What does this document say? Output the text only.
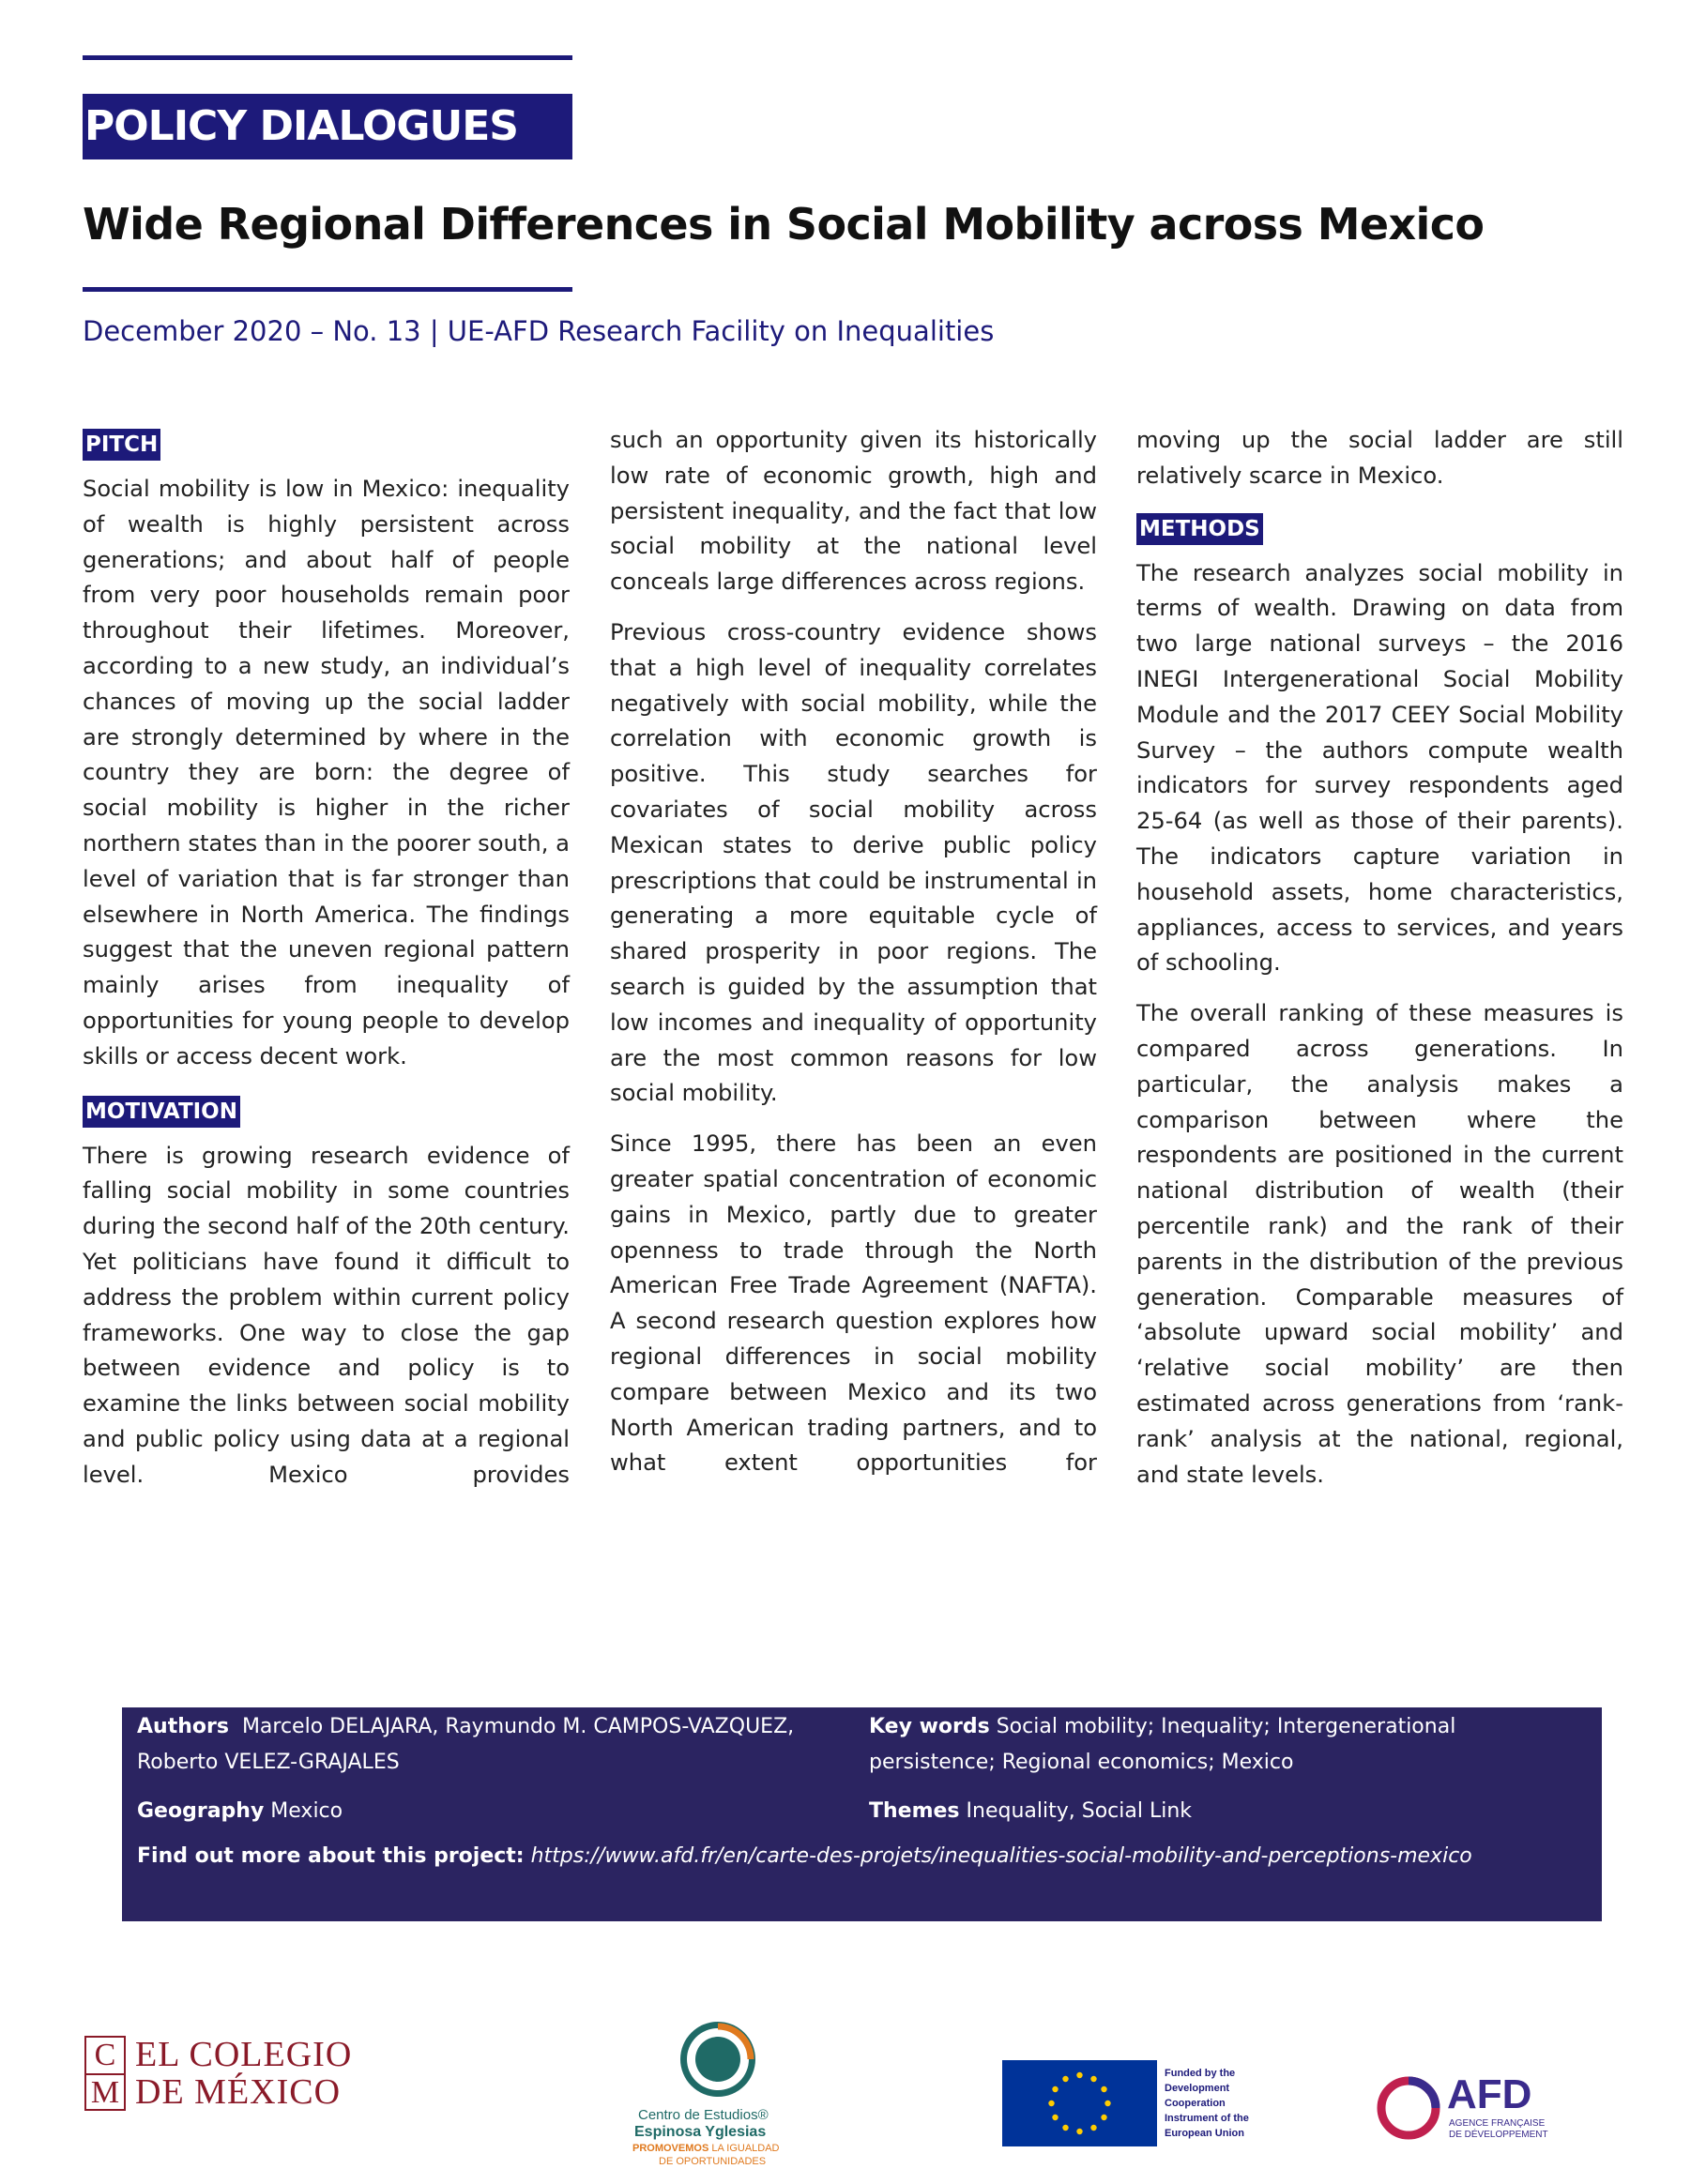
POLICY DIALOGUES
Wide Regional Differences in Social Mobility across Mexico
December 2020 – No. 13 | UE-AFD Research Facility on Inequalities
PITCH

Social mobility is low in Mexico: inequality of wealth is highly persistent across generations; and about half of people from very poor households remain poor throughout their lifetimes. Moreover, according to a new study, an individual’s chances of moving up the social ladder are strongly determined by where in the country they are born: the degree of social mobility is higher in the richer northern states than in the poorer south, a level of variation that is far stronger than elsewhere in North America. The findings suggest that the uneven regional pattern mainly arises from inequality of opportunities for young people to develop skills or access decent work.

MOTIVATION

There is growing research evidence of falling social mobility in some countries during the second half of the 20th century. Yet politicians have found it difficult to address the problem within current policy frameworks. One way to close the gap between evidence and policy is to examine the links between social mobility and public policy using data at a regional level. Mexico provides

such an opportunity given its historically low rate of economic growth, high and persistent inequality, and the fact that low social mobility at the national level conceals large differences across regions.

Previous cross-country evidence shows that a high level of inequality correlates negatively with social mobility, while the correlation with economic growth is positive. This study searches for covariates of social mobility across Mexican states to derive public policy prescriptions that could be instrumental in generating a more equitable cycle of shared prosperity in poor regions. The search is guided by the assumption that low incomes and inequality of opportunity are the most common reasons for low social mobility.

Since 1995, there has been an even greater spatial concentration of economic gains in Mexico, partly due to greater openness to trade through the North American Free Trade Agreement (NAFTA). A second research question explores how regional differences in social mobility compare between Mexico and its two North American trading partners, and to what extent opportunities for

moving up the social ladder are still relatively scarce in Mexico.

METHODS

The research analyzes social mobility in terms of wealth. Drawing on data from two large national surveys – the 2016 INEGI Intergenerational Social Mobility Module and the 2017 CEEY Social Mobility Survey – the authors compute wealth indicators for survey respondents aged 25-64 (as well as those of their parents). The indicators capture variation in household assets, home characteristics, appliances, access to services, and years of schooling.

The overall ranking of these measures is compared across generations. In particular, the analysis makes a comparison between where the respondents are positioned in the current national distribution of wealth (their percentile rank) and the rank of their parents in the distribution of the previous generation. Comparable measures of ‘absolute upward social mobility’ and ‘relative social mobility’ are then estimated across generations from ‘rank-rank’ analysis at the national, regional, and state levels.

Authors Marcelo DELAJARA, Raymundo M. CAMPOS-VAZQUEZ, Roberto VELEZ-GRAJALES
Key words Social mobility; Inequality; Intergenerational persistence; Regional economics; Mexico
Geography Mexico	Themes Inequality, Social Link
Find out more about this project: https://www.afd.fr/en/carte-des-projets/inequalities-social-mobility-and-perceptions-mexico
C
M
EL COLEGIO
DE MÉXICO
Centro de Estudios®
Espinosa Yglesias
PROMOVEMOS LA IGUALDAD
DE OPORTUNIDADES
Funded by the Development Cooperation Instrument of the European Union
AFD
AGENCE FRANÇAISE
DE DÉVELOPPEMENT
